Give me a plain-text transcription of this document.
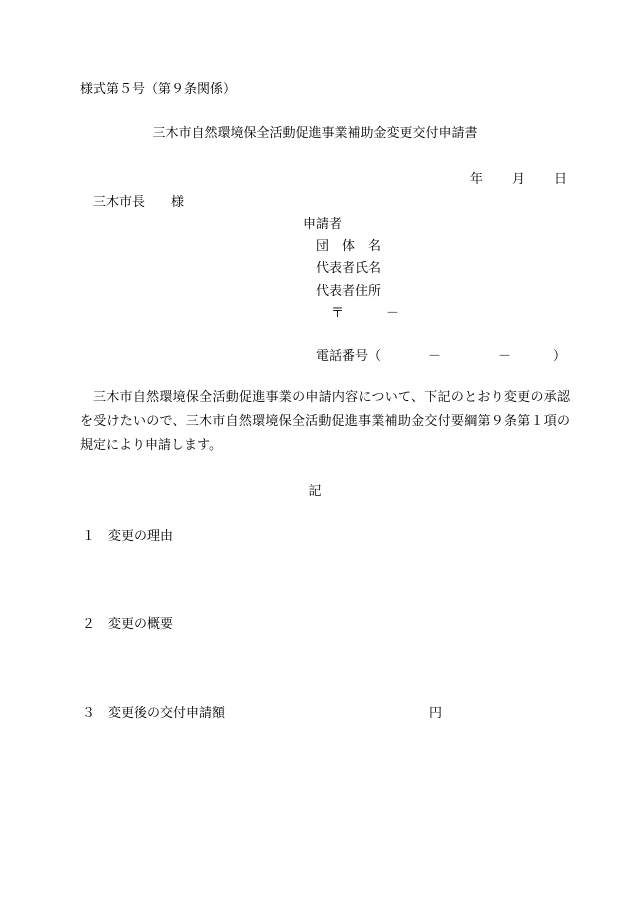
様式第５号（第９条関係）
三木市自然環境保全活動促進事業補助金変更交付申請書
年 月 日
三木市長　　様
申請者
団　体　名
代表者氏名
代表者住所
〒	－
電話番号（	－	－	）
三木市自然環境保全活動促進事業の申請内容について、下記のとおり変更の承認を受けたいので、三木市自然環境保全活動促進事業補助金交付要綱第９条第１項の規定により申請します。
記
１ 変更の理由
２ 変更の概要
３ 変更後の交付申請額	円
